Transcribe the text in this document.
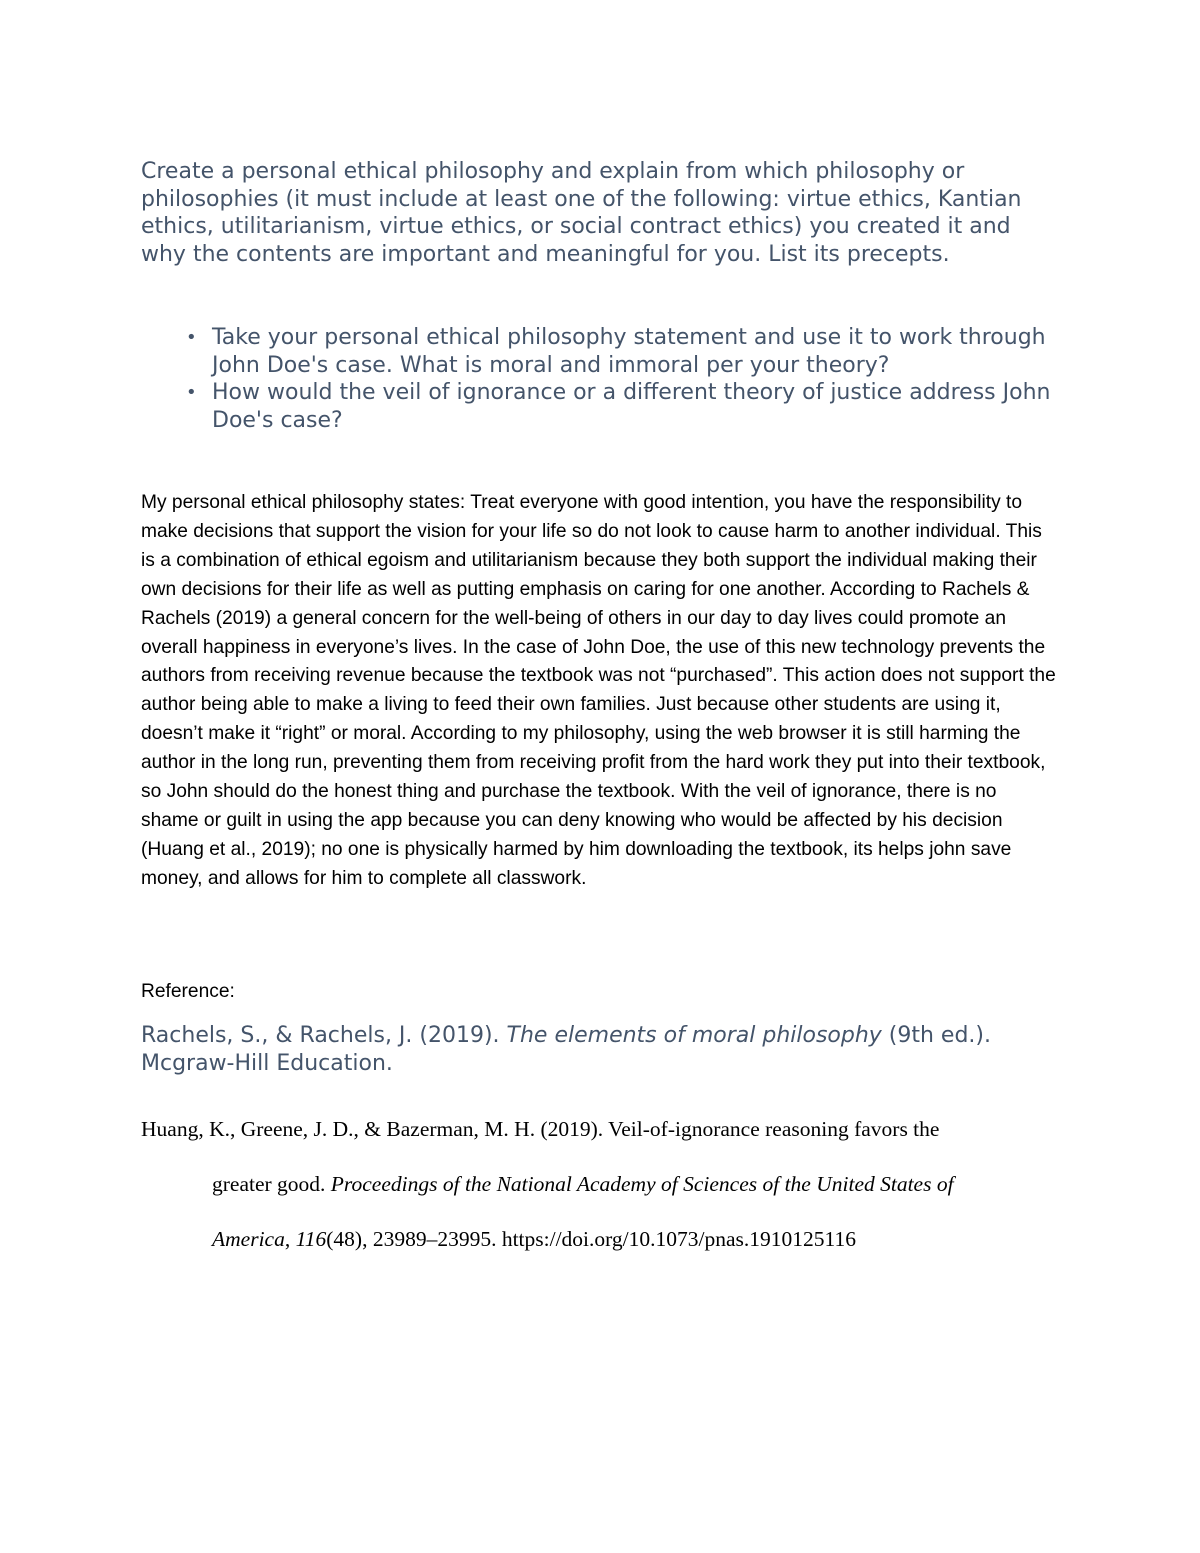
Create a personal ethical philosophy and explain from which philosophy or philosophies (it must include at least one of the following: virtue ethics, Kantian ethics, utilitarianism, virtue ethics, or social contract ethics) you created it and why the contents are important and meaningful for you. List its precepts.

• Take your personal ethical philosophy statement and use it to work through John Doe's case. What is moral and immoral per your theory?
• How would the veil of ignorance or a different theory of justice address John Doe's case?

My personal ethical philosophy states: Treat everyone with good intention, you have the responsibility to make decisions that support the vision for your life so do not look to cause harm to another individual. This is a combination of ethical egoism and utilitarianism because they both support the individual making their own decisions for their life as well as putting emphasis on caring for one another. According to Rachels & Rachels (2019) a general concern for the well-being of others in our day to day lives could promote an overall happiness in everyone’s lives. In the case of John Doe, the use of this new technology prevents the authors from receiving revenue because the textbook was not “purchased”. This action does not support the author being able to make a living to feed their own families. Just because other students are using it, doesn’t make it “right” or moral. According to my philosophy, using the web browser it is still harming the author in the long run, preventing them from receiving profit from the hard work they put into their textbook, so John should do the honest thing and purchase the textbook. With the veil of ignorance, there is no shame or guilt in using the app because you can deny knowing who would be affected by his decision (Huang et al., 2019); no one is physically harmed by him downloading the textbook, its helps john save money, and allows for him to complete all classwork.

Reference:

Rachels, S., & Rachels, J. (2019). The elements of moral philosophy (9th ed.). Mcgraw-Hill Education.

Huang, K., Greene, J. D., & Bazerman, M. H. (2019). Veil-of-ignorance reasoning favors the
greater good. Proceedings of the National Academy of Sciences of the United States of
America, 116(48), 23989–23995. https://doi.org/10.1073/pnas.1910125116
